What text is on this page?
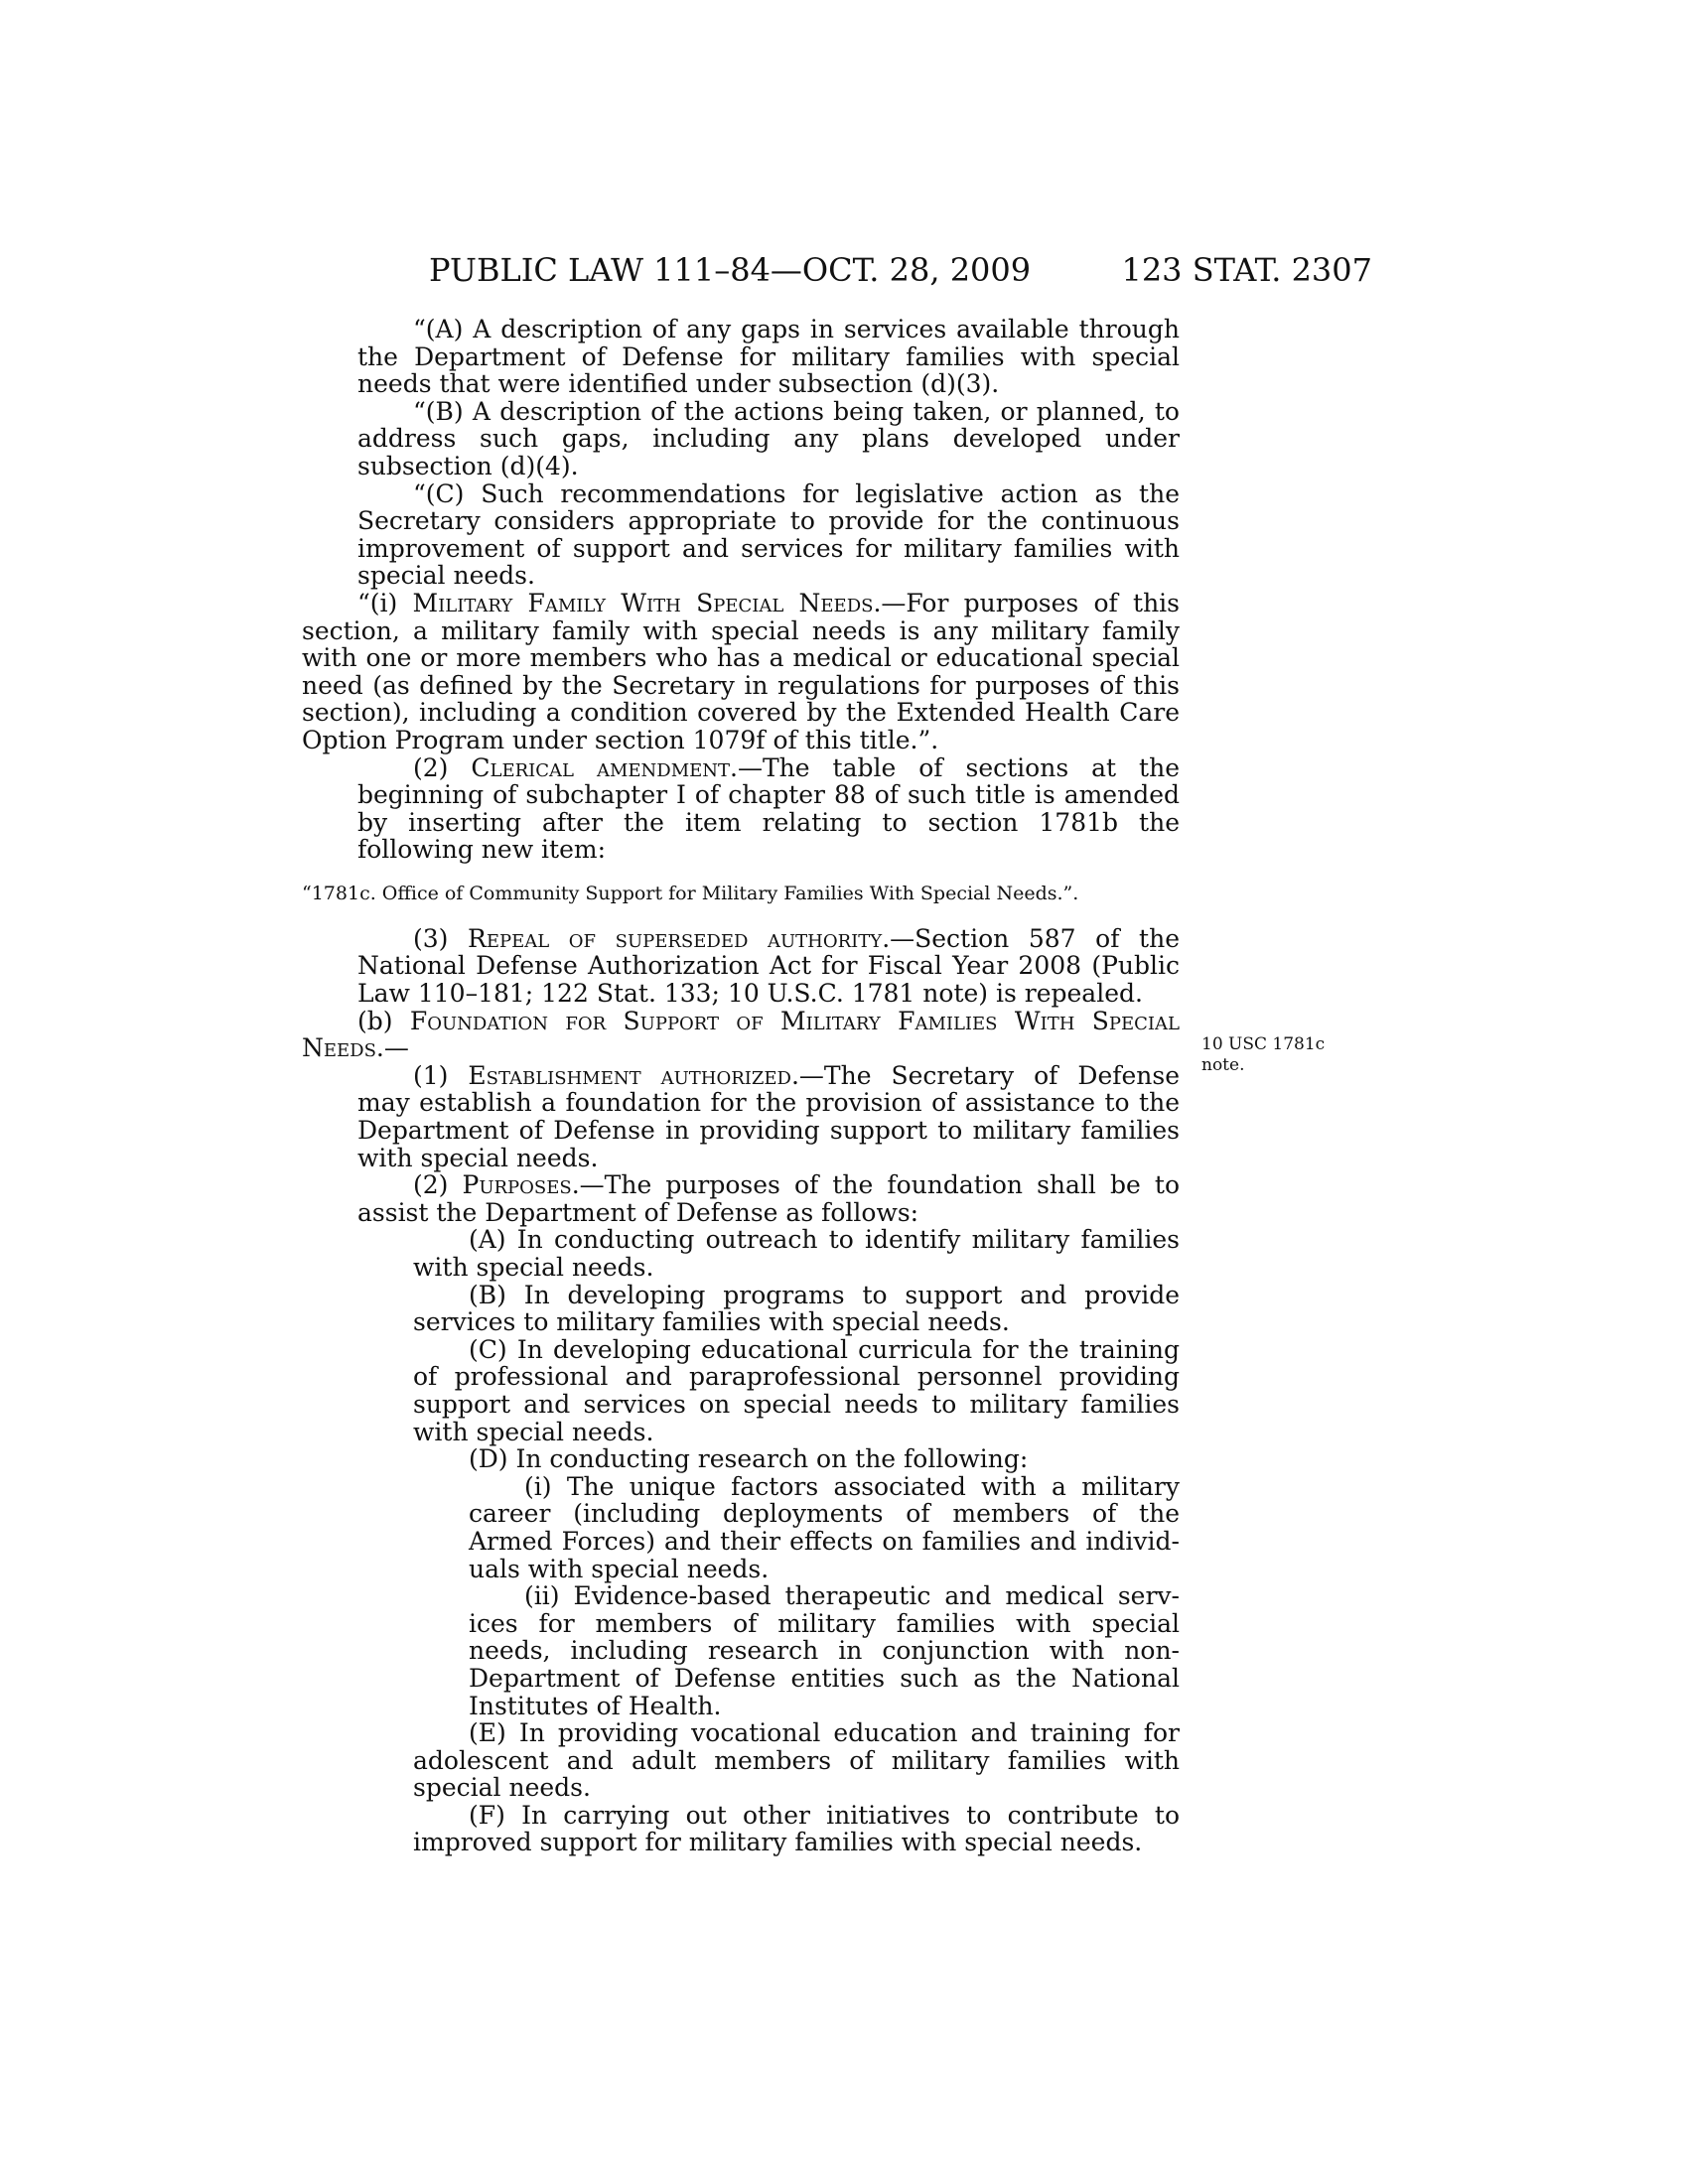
PUBLIC LAW 111–84—OCT. 28, 2009	123 STAT. 2307

“(A) A description of any gaps in services available through the Department of Defense for military families with special needs that were identified under subsection (d)(3).

“(B) A description of the actions being taken, or planned, to address such gaps, including any plans developed under subsection (d)(4).

“(C) Such recommendations for legislative action as the Secretary considers appropriate to provide for the continuous improvement of support and services for military families with special needs.

“(i) Military Family With Special Needs.—For purposes of this section, a military family with special needs is any military family with one or more members who has a medical or educational special need (as defined by the Secretary in regulations for purposes of this section), including a condition covered by the Extended Health Care Option Program under section 1079f of this title.”.

(2) Clerical amendment.—The table of sections at the beginning of subchapter I of chapter 88 of such title is amended by inserting after the item relating to section 1781b the following new item:

“1781c. Office of Community Support for Military Families With Special Needs.”.

(3) Repeal of superseded authority.—Section 587 of the National Defense Authorization Act for Fiscal Year 2008 (Public Law 110–181; 122 Stat. 133; 10 U.S.C. 1781 note) is repealed.

(b) Foundation for Support of Military Families With Special Needs.—

(1) Establishment authorized.—The Secretary of Defense may establish a foundation for the provision of assistance to the Department of Defense in providing support to military families with special needs.

(2) Purposes.—The purposes of the foundation shall be to assist the Department of Defense as follows:

(A) In conducting outreach to identify military families with special needs.

(B) In developing programs to support and provide services to military families with special needs.

(C) In developing educational curricula for the training of professional and paraprofessional personnel providing support and services on special needs to military families with special needs.

(D) In conducting research on the following:

(i) The unique factors associated with a military career (including deployments of members of the Armed Forces) and their effects on families and individuals with special needs.

(ii) Evidence-based therapeutic and medical services for members of military families with special needs, including research in conjunction with non-Department of Defense entities such as the National Institutes of Health.

(E) In providing vocational education and training for adolescent and adult members of military families with special needs.

(F) In carrying out other initiatives to contribute to improved support for military families with special needs.

10 USC 1781c
note.
